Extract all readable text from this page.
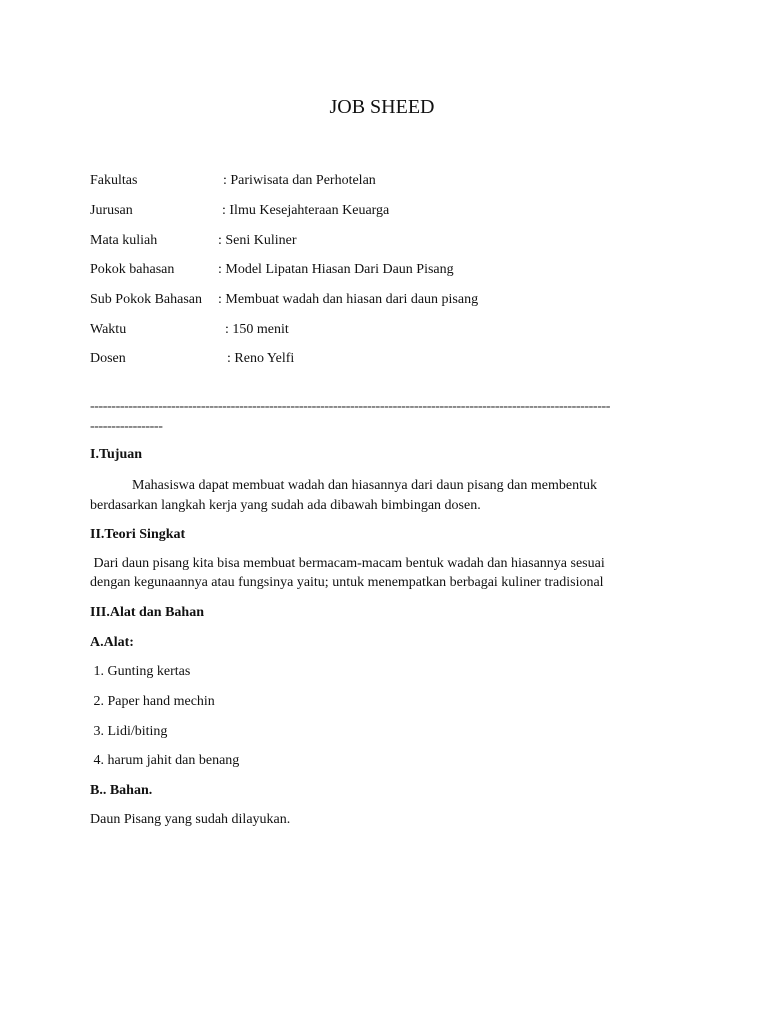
JOB SHEED
Fakultas	: Pariwisata dan Perhotelan
Jurusan	: Ilmu Kesejahteraan Keuarga
Mata kuliah	: Seni Kuliner
Pokok bahasan	: Model Lipatan Hiasan Dari Daun Pisang
Sub Pokok Bahasan : Membuat wadah dan hiasan dari daun pisang
Waktu	: 150 menit
Dosen	: Reno Yelfi
--------------------------------------------------------------------------------------------------------------------------
-----------------
I.Tujuan
Mahasiswa dapat membuat wadah dan hiasannya dari daun pisang dan membentuk
berdasarkan langkah kerja yang sudah ada dibawah bimbingan dosen.
II.Teori Singkat
Dari daun pisang kita bisa membuat bermacam-macam bentuk wadah dan hiasannya sesuai
dengan kegunaannya atau fungsinya yaitu; untuk menempatkan berbagai kuliner tradisional
III.Alat dan Bahan
A.Alat:
1. Gunting kertas
2. Paper hand mechin
3. Lidi/biting
4. harum jahit dan benang
B.. Bahan.
Daun Pisang yang sudah dilayukan.
